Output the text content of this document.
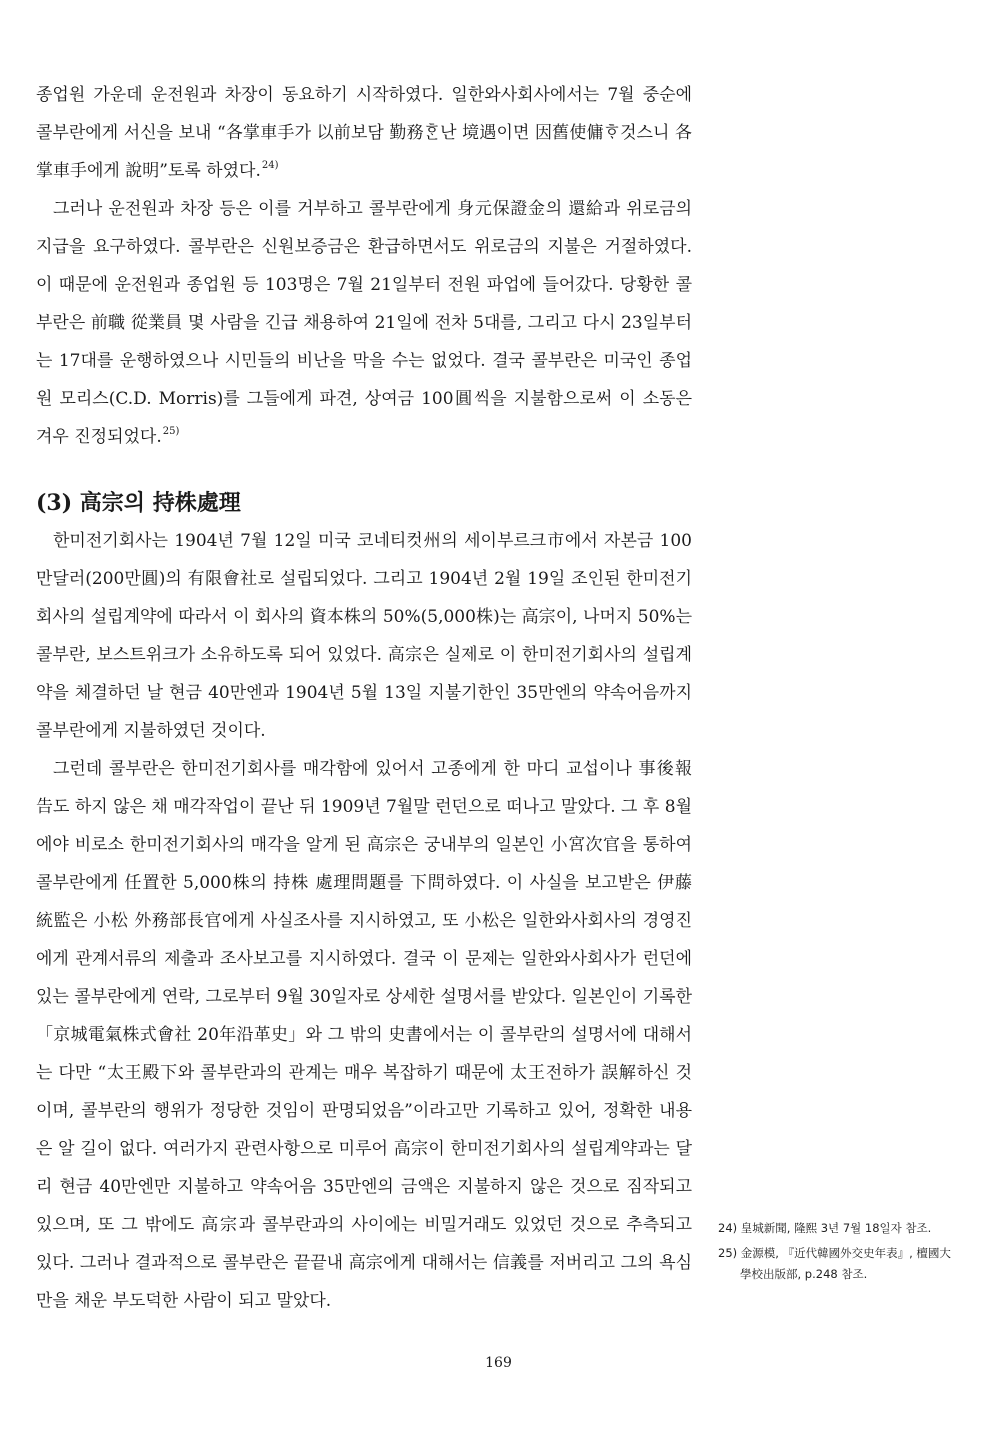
종업원 가운데 운전원과 차장이 동요하기 시작하였다. 일한와사회사에서는 7월 중순에 콜부란에게 서신을 보내 “各掌車手가 以前보담 勤務ᄒᆞᆫ난 境遇이면 因舊使傭ᄒᆞ것스니 各掌車手에게 說明”토록 하였다.$^{24)}$

그러나 운전원과 차장 등은 이를 거부하고 콜부란에게 身元保證金의 還給과 위로금의 지급을 요구하였다. 콜부란은 신원보증금은 환급하면서도 위로금의 지불은 거절하였다. 이 때문에 운전원과 종업원 등 103명은 7월 21일부터 전원 파업에 들어갔다. 당황한 콜부란은 前職 從業員 몇 사람을 긴급 채용하여 21일에 전차 5대를, 그리고 다시 23일부터는 17대를 운행하였으나 시민들의 비난을 막을 수는 없었다. 결국 콜부란은 미국인 종업원 모리스(C.D. Morris)를 그들에게 파견, 상여금 100圓씩을 지불함으로써 이 소동은 겨우 진정되었다.$^{25)}$

(3) 高宗의 持株處理

한미전기회사는 1904년 7월 12일 미국 코네티컷州의 세이부르크市에서 자본금 100만달러(200만圓)의 有限會社로 설립되었다. 그리고 1904년 2월 19일 조인된 한미전기회사의 설립계약에 따라서 이 회사의 資本株의 50%(5,000株)는 高宗이, 나머지 50%는 콜부란, 보스트위크가 소유하도록 되어 있었다. 高宗은 실제로 이 한미전기회사의 설립계약을 체결하던 날 현금 40만엔과 1904년 5월 13일 지불기한인 35만엔의 약속어음까지 콜부란에게 지불하였던 것이다.

그런데 콜부란은 한미전기회사를 매각함에 있어서 고종에게 한 마디 교섭이나 事後報告도 하지 않은 채 매각작업이 끝난 뒤 1909년 7월말 런던으로 떠나고 말았다. 그 후 8월에야 비로소 한미전기회사의 매각을 알게 된 高宗은 궁내부의 일본인 小宮次官을 통하여 콜부란에게 任置한 5,000株의 持株 處理問題를 下問하였다. 이 사실을 보고받은 伊藤 統監은 小松 外務部長官에게 사실조사를 지시하였고, 또 小松은 일한와사회사의 경영진에게 관계서류의 제출과 조사보고를 지시하였다. 결국 이 문제는 일한와사회사가 런던에 있는 콜부란에게 연락, 그로부터 9월 30일자로 상세한 설명서를 받았다. 일본인이 기록한 「京城電氣株式會社 20年沿革史」와 그 밖의 史書에서는 이 콜부란의 설명서에 대해서는 다만 “太王殿下와 콜부란과의 관계는 매우 복잡하기 때문에 太王전하가 誤解하신 것이며, 콜부란의 행위가 정당한 것임이 판명되었음”이라고만 기록하고 있어, 정확한 내용은 알 길이 없다. 여러가지 관련사항으로 미루어 高宗이 한미전기회사의 설립계약과는 달리 현금 40만엔만 지불하고 약속어음 35만엔의 금액은 지불하지 않은 것으로 짐작되고 있으며, 또 그 밖에도 高宗과 콜부란과의 사이에는 비밀거래도 있었던 것으로 추측되고 있다. 그러나 결과적으로 콜부란은 끝끝내 高宗에게 대해서는 信義를 저버리고 그의 욕심만을 채운 부도덕한 사람이 되고 말았다.

24) 皇城新聞, 隆熙 3년 7월 18일자 참조.

25) 金源模, 『近代韓國外交史年表』, 檀國大學校出版部, p.248 참조.

169
